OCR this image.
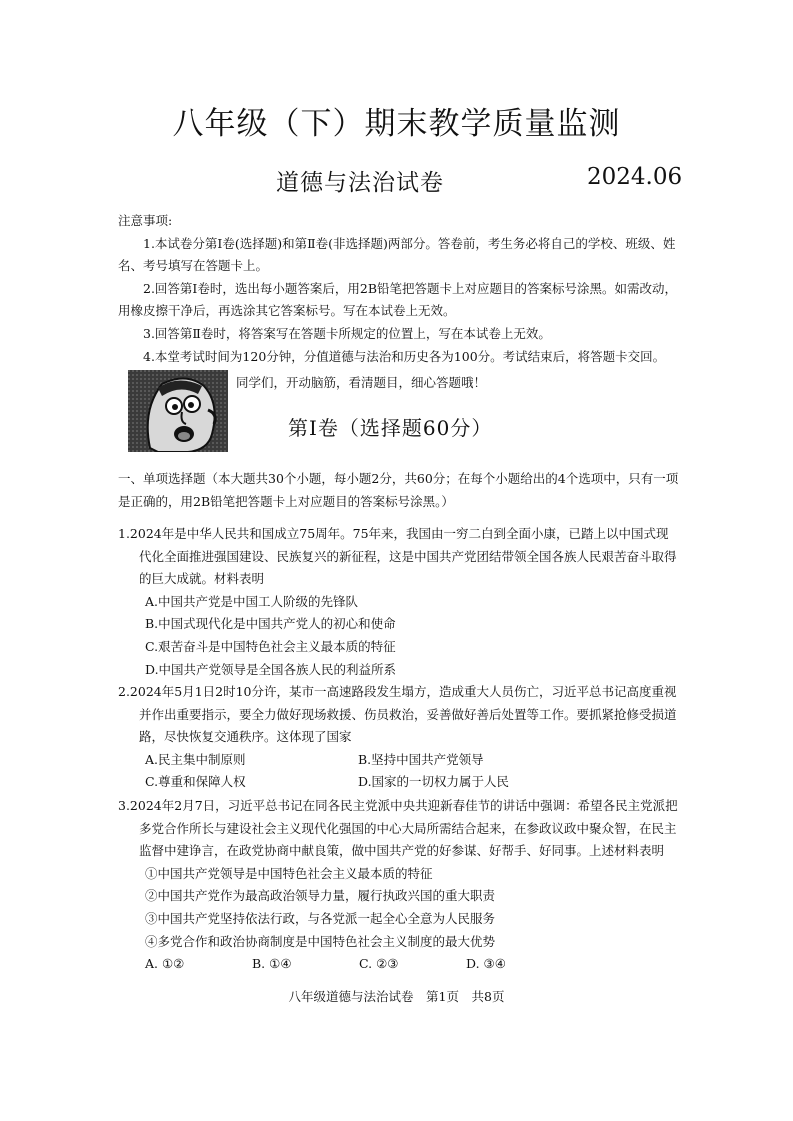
八年级（下）期末教学质量监测
道德与法治试卷	2024.06

注意事项:

1.本试卷分第Ⅰ卷(选择题)和第Ⅱ卷(非选择题)两部分。答卷前，考生务必将自己的学校、班级、姓名、考号填写在答题卡上。

2.回答第Ⅰ卷时，选出每小题答案后，用2B铅笔把答题卡上对应题目的答案标号涂黑。如需改动，用橡皮擦干净后，再选涂其它答案标号。写在本试卷上无效。

3.回答第Ⅱ卷时，将答案写在答题卡所规定的位置上，写在本试卷上无效。

4.本堂考试时间为120分钟，分值道德与法治和历史各为100分。考试结束后，将答题卡交回。

同学们，开动脑筋，看清题目，细心答题哦！
第Ⅰ卷（选择题60分）

一、单项选择题（本大题共30个小题，每小题2分，共60分；在每个小题给出的4个选项中，只有一项是正确的，用2B铅笔把答题卡上对应题目的答案标号涂黑。）

1.2024年是中华人民共和国成立75周年。75年来，我国由一穷二白到全面小康，已踏上以中国式现代化全面推进强国建设、民族复兴的新征程，这是中国共产党团结带领全国各族人民艰苦奋斗取得的巨大成就。材料表明

A.中国共产党是中国工人阶级的先锋队

B.中国式现代化是中国共产党人的初心和使命

C.艰苦奋斗是中国特色社会主义最本质的特征

D.中国共产党领导是全国各族人民的利益所系

2.2024年5月1日2时10分许，某市一高速路段发生塌方，造成重大人员伤亡，习近平总书记高度重视并作出重要指示，要全力做好现场救援、伤员救治，妥善做好善后处置等工作。要抓紧抢修受损道路，尽快恢复交通秩序。这体现了国家

A.民主集中制原则	B.坚持中国共产党领导
C.尊重和保障人权	D.国家的一切权力属于人民

3.2024年2月7日，习近平总书记在同各民主党派中央共迎新春佳节的讲话中强调：希望各民主党派把多党合作所长与建设社会主义现代化强国的中心大局所需结合起来，在参政议政中聚众智，在民主监督中建诤言，在政党协商中献良策，做中国共产党的好参谋、好帮手、好同事。上述材料表明

①中国共产党领导是中国特色社会主义最本质的特征

②中国共产党作为最高政治领导力量，履行执政兴国的重大职责

③中国共产党坚持依法行政，与各党派一起全心全意为人民服务

④多党合作和政治协商制度是中国特色社会主义制度的最大优势

A. ①②	B. ①④	C. ②③	D. ③④
八年级道德与法治试卷　第1页　共8页
